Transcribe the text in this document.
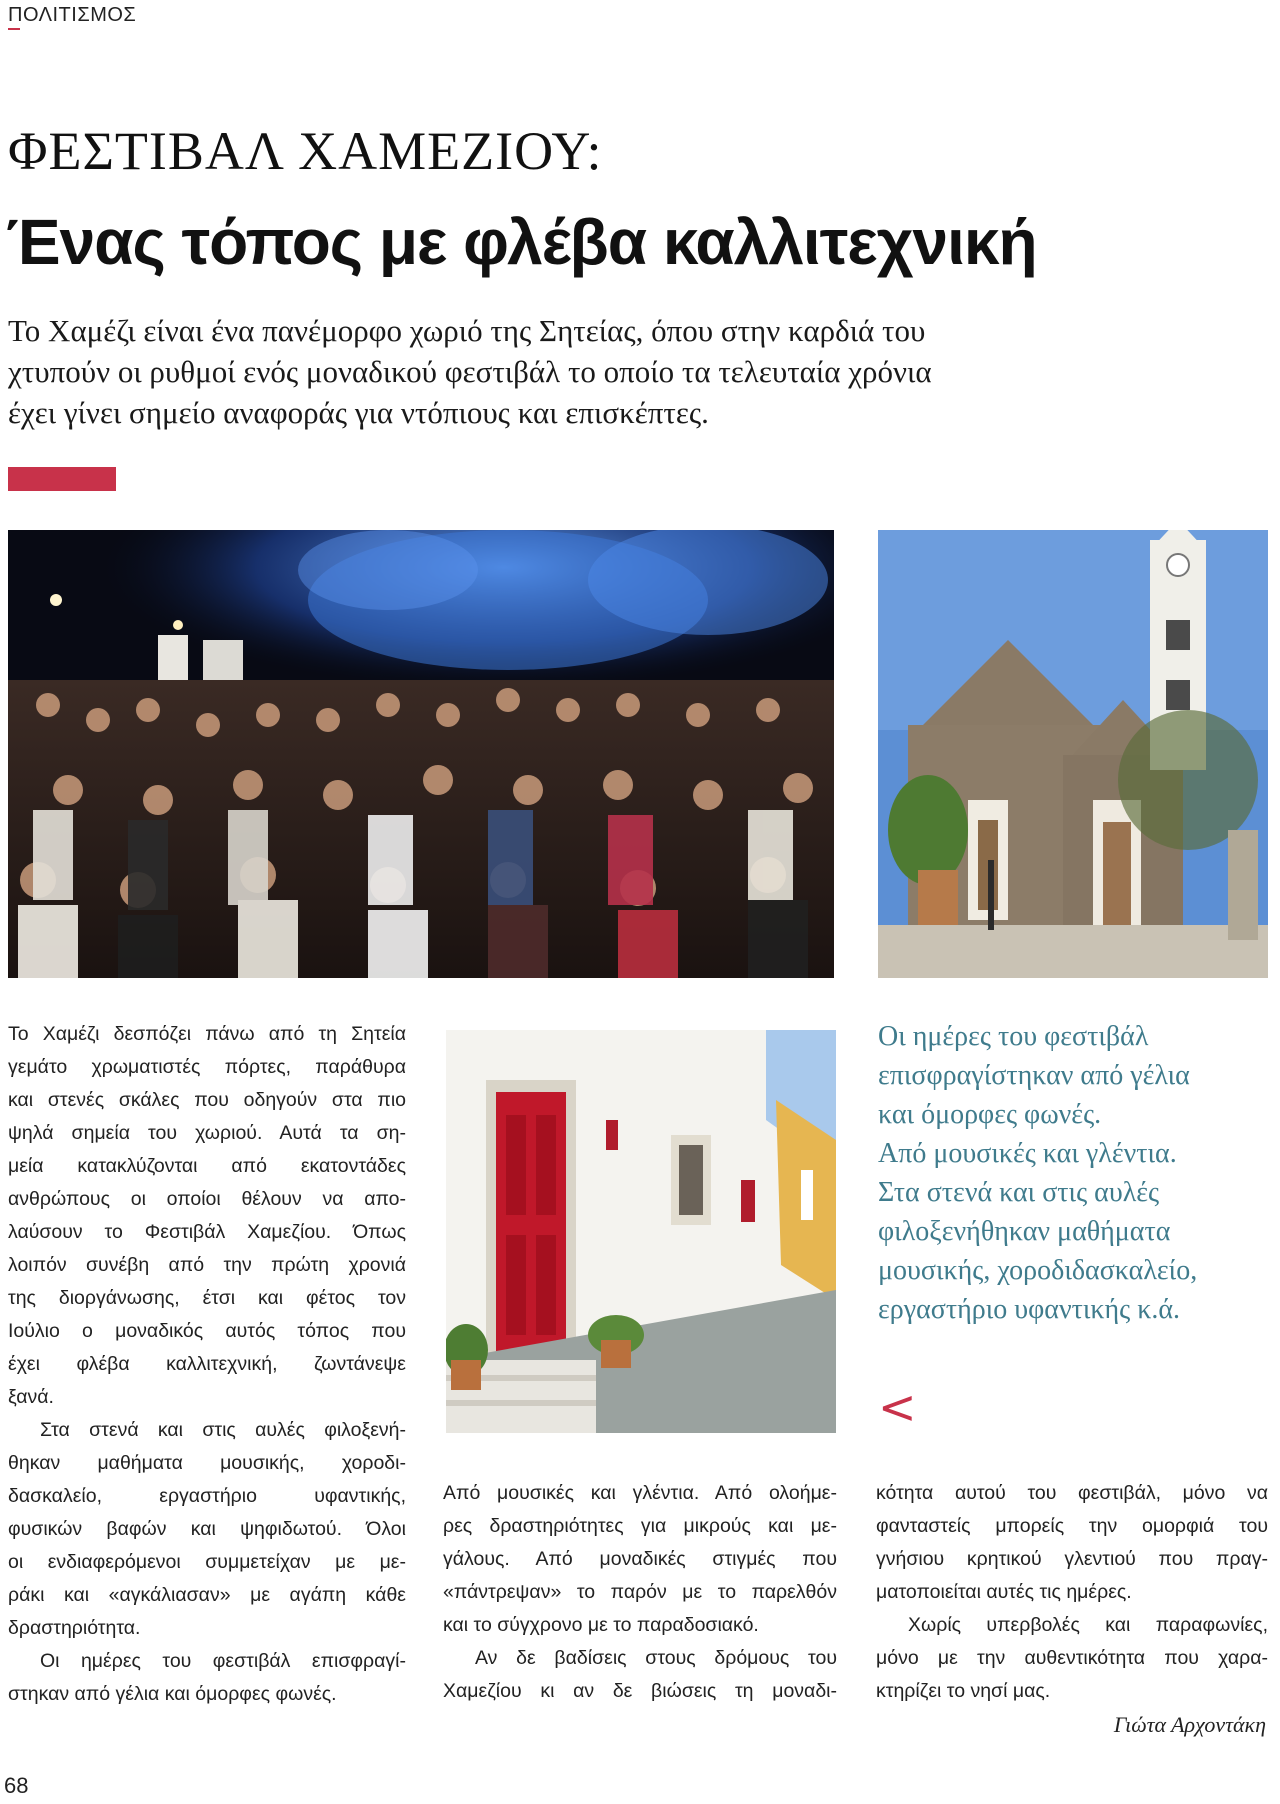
ΠΟΛΙΤΙΣΜΟΣ
ΦΕΣΤΙΒΑΛ ΧΑΜΕΖΙΟΥ:
Ένας τόπος με φλέβα καλλιτεχνική
Το Χαμέζι είναι ένα πανέμορφο χωριό της Σητείας, όπου στην καρδιά του
χτυπούν οι ρυθμοί ενός μοναδικού φεστιβάλ το οποίο τα τελευταία χρόνια
έχει γίνει σημείο αναφοράς για ντόπιους και επισκέπτες.

Το Χαμέζι δεσπόζει πάνω από τη Σητεία

γεμάτο χρωματιστές πόρτες, παράθυρα

και στενές σκάλες που οδηγούν στα πιο

ψηλά σημεία του χωριού. Αυτά τα ση-

μεία κατακλύζονται από εκατοντάδες

ανθρώπους οι οποίοι θέλουν να απο-

λαύσουν το Φεστιβάλ Χαμεζίου. Όπως

λοιπόν συνέβη από την πρώτη χρονιά

της διοργάνωσης, έτσι και φέτος τον

Ιούλιο ο μοναδικός αυτός τόπος που

έχει φλέβα καλλιτεχνική, ζωντάνεψε

ξανά.

Στα στενά και στις αυλές φιλοξενή-

θηκαν μαθήματα μουσικής, χοροδι-

δασκαλείο, εργαστήριο υφαντικής,

φυσικών βαφών και ψηφιδωτού. Όλοι

οι ενδιαφερόμενοι συμμετείχαν με με-

ράκι και «αγκάλιασαν» με αγάπη κάθε

δραστηριότητα.

Οι ημέρες του φεστιβάλ επισφραγί-

στηκαν από γέλια και όμορφες φωνές.

Από μουσικές και γλέντια. Από ολοήμε-

ρες δραστηριότητες για μικρούς και με-

γάλους. Από μοναδικές στιγμές που

«πάντρεψαν» το παρόν με το παρελθόν

και το σύγχρονο με το παραδοσιακό.

Αν δε βαδίσεις στους δρόμους του

Χαμεζίου κι αν δε βιώσεις τη μοναδι-

Οι ημέρες του φεστιβάλ
επισφραγίστηκαν από γέλια
και όμορφες φωνές.
Από μουσικές και γλέντια.
Στα στενά και στις αυλές
φιλοξενήθηκαν μαθήματα
μουσικής, χοροδιδασκαλείο,
εργαστήριο υφαντικής κ.ά.
<

κότητα αυτού του φεστιβάλ, μόνο να

φανταστείς μπορείς την ομορφιά του

γνήσιου κρητικού γλεντιού που πραγ-

ματοποιείται αυτές τις ημέρες.

Χωρίς υπερβολές και παραφωνίες,

μόνο με την αυθεντικότητα που χαρα-

κτηρίζει το νησί μας.

Γιώτα Αρχοντάκη
68
